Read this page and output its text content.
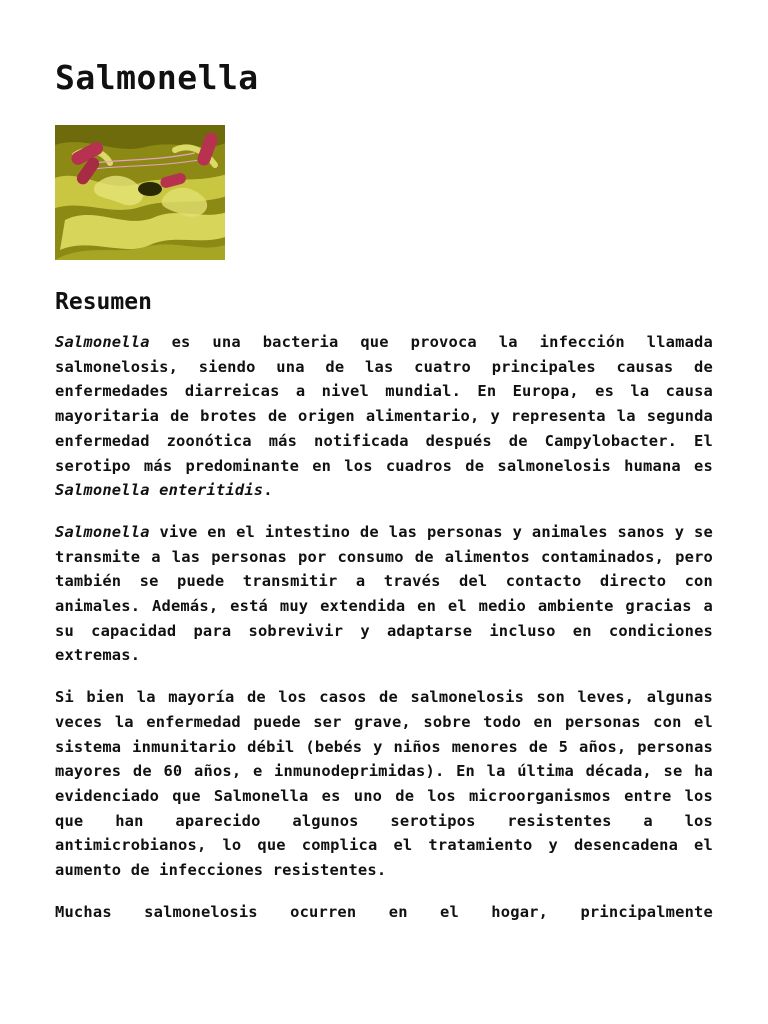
Salmonella
Resumen

Salmonella es una bacteria que provoca la infección llamada salmonelosis, siendo una de las cuatro principales causas de enfermedades diarreicas a nivel mundial. En Europa, es la causa mayoritaria de brotes de origen alimentario, y representa la segunda enfermedad zoonótica más notificada después de Campylobacter. El serotipo más predominante en los cuadros de salmonelosis humana es Salmonella enteritidis.

Salmonella vive en el intestino de las personas y animales sanos y se transmite a las personas por consumo de alimentos contaminados, pero también se puede transmitir a través del contacto directo con animales. Además, está muy extendida en el medio ambiente gracias a su capacidad para sobrevivir y adaptarse incluso en condiciones extremas.

Si bien la mayoría de los casos de salmonelosis son leves, algunas veces la enfermedad puede ser grave, sobre todo en personas con el sistema inmunitario débil (bebés y niños menores de 5 años, personas mayores de 60 años, e inmunodeprimidas). En la última década, se ha evidenciado que Salmonella es uno de los microorganismos entre los que han aparecido algunos serotipos resistentes a los antimicrobianos, lo que complica el tratamiento y desencadena el aumento de infecciones resistentes.

Muchas salmonelosis ocurren en el hogar, principalmente
